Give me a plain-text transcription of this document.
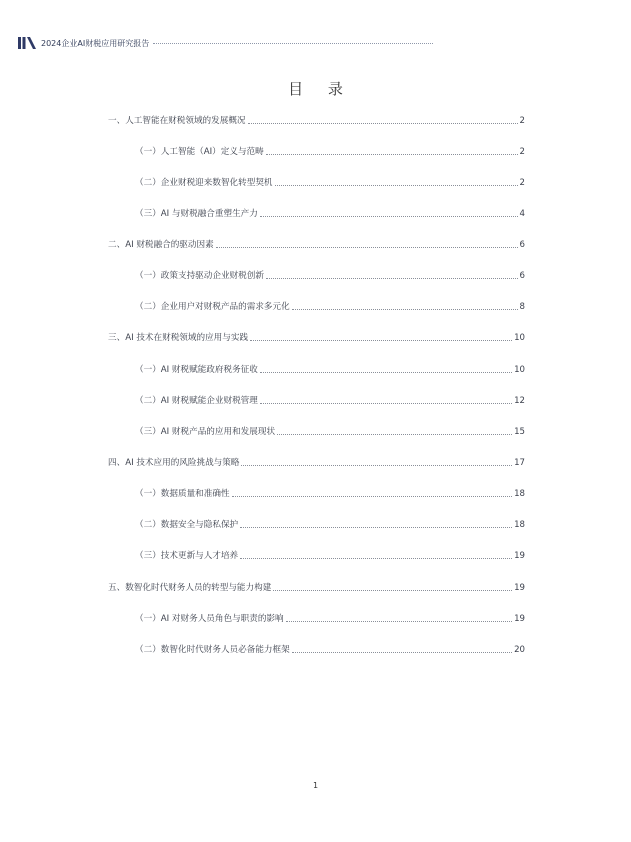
2024企业AI财税应用研究报告
目 录
一、人工智能在财税领域的发展概况	2
（一）人工智能（AI）定义与范畴	2
（二）企业财税迎来数智化转型契机	2
（三）AI 与财税融合重塑生产力	4
二、AI 财税融合的驱动因素	6
（一）政策支持驱动企业财税创新	6
（二）企业用户对财税产品的需求多元化	8
三、AI 技术在财税领域的应用与实践	10
（一）AI 财税赋能政府税务征收	10
（二）AI 财税赋能企业财税管理	12
（三）AI 财税产品的应用和发展现状	15
四、AI 技术应用的风险挑战与策略	17
（一）数据质量和准确性	18
（二）数据安全与隐私保护	18
（三）技术更新与人才培养	19
五、数智化时代财务人员的转型与能力构建	19
（一）AI 对财务人员角色与职责的影响	19
（二）数智化时代财务人员必备能力框架	20
1
